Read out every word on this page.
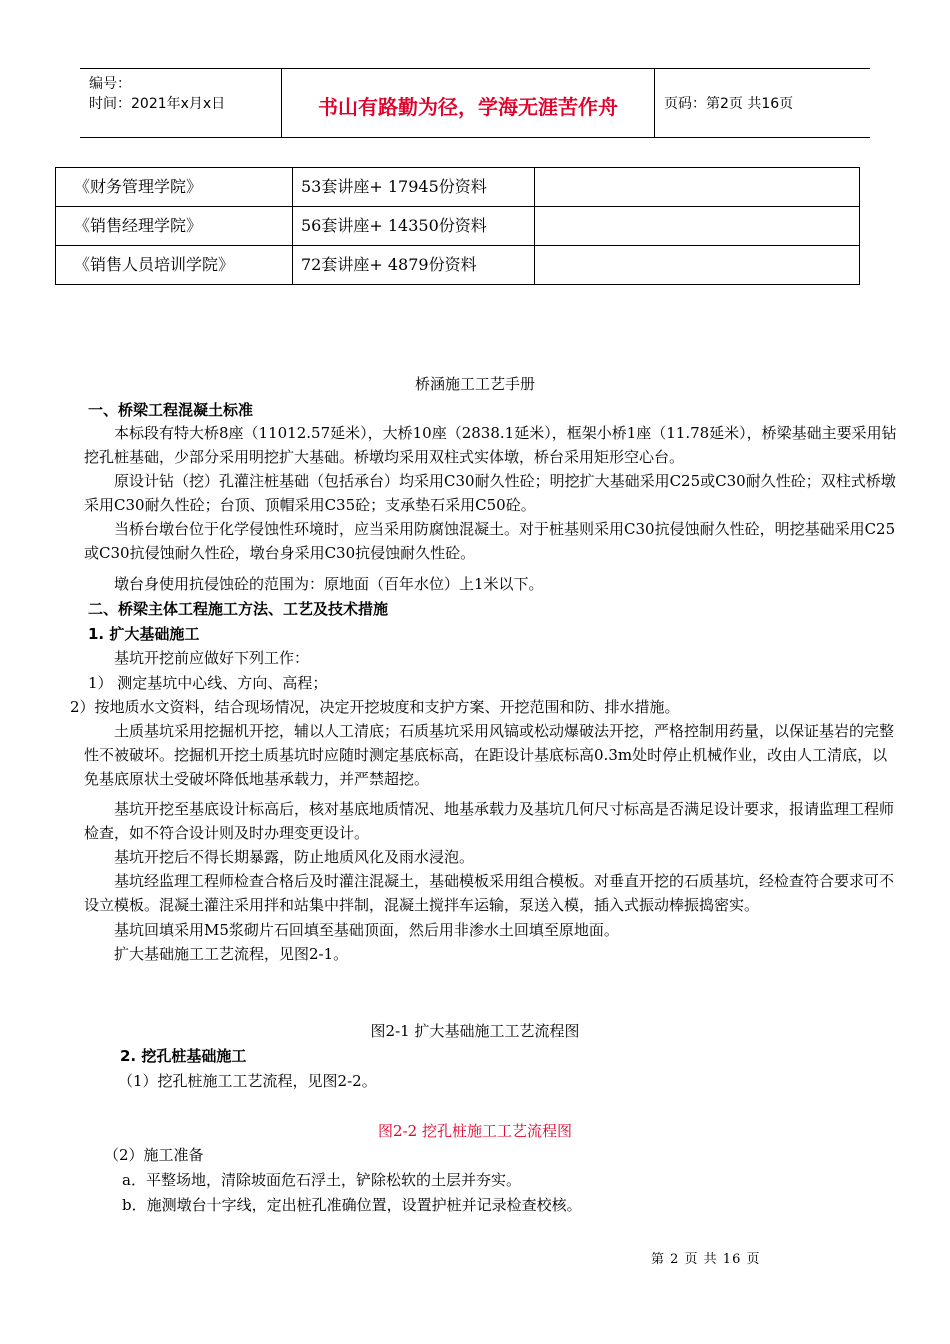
编号：
时间：2021年x月x日	书山有路勤为径，学海无涯苦作舟	页码：第2页 共16页
《财务管理学院》	53套讲座+ 17945份资料	
《销售经理学院》	56套讲座+ 14350份资料	
《销售人员培训学院》	72套讲座+ 4879份资料	
桥涵施工工艺手册
一、桥梁工程混凝土标准

本标段有特大桥8座（11012.57延米），大桥10座（2838.1延米），框架小桥1座（11.78延米），桥梁基础主要采用钻挖孔桩基础，少部分采用明挖扩大基础。桥墩均采用双柱式实体墩，桥台采用矩形空心台。

原设计钻（挖）孔灌注桩基础（包括承台）均采用C30耐久性砼；明挖扩大基础采用C25或C30耐久性砼；双柱式桥墩采用C30耐久性砼；台顶、顶帽采用C35砼；支承垫石采用C50砼。

当桥台墩台位于化学侵蚀性环境时，应当采用防腐蚀混凝土。对于桩基则采用C30抗侵蚀耐久性砼，明挖基础采用C25或C30抗侵蚀耐久性砼，墩台身采用C30抗侵蚀耐久性砼。

墩台身使用抗侵蚀砼的范围为：原地面（百年水位）上1米以下。

二、桥梁主体工程施工方法、工艺及技术措施
1. 扩大基础施工

基坑开挖前应做好下列工作：

1） 测定基坑中心线、方向、高程；
2）按地质水文资料，结合现场情况，决定开挖坡度和支护方案、开挖范围和防、排水措施。

土质基坑采用挖掘机开挖，辅以人工清底；石质基坑采用风镐或松动爆破法开挖，严格控制用药量，以保证基岩的完整性不被破坏。挖掘机开挖土质基坑时应随时测定基底标高，在距设计基底标高0.3m处时停止机械作业，改由人工清底，以免基底原状土受破坏降低地基承载力，并严禁超挖。

基坑开挖至基底设计标高后，核对基底地质情况、地基承载力及基坑几何尺寸标高是否满足设计要求，报请监理工程师检查，如不符合设计则及时办理变更设计。

基坑开挖后不得长期暴露，防止地质风化及雨水浸泡。

基坑经监理工程师检查合格后及时灌注混凝土，基础模板采用组合模板。对垂直开挖的石质基坑，经检查符合要求可不设立模板。混凝土灌注采用拌和站集中拌制，混凝土搅拌车运输，泵送入模，插入式振动棒振捣密实。

基坑回填采用M5浆砌片石回填至基础顶面，然后用非渗水土回填至原地面。

扩大基础施工工艺流程，见图2-1。

图2-1 扩大基础施工工艺流程图
2. 挖孔桩基础施工
（1）挖孔桩施工工艺流程，见图2-2。
图2-2 挖孔桩施工工艺流程图
（2）施工准备
a．平整场地，清除坡面危石浮土，铲除松软的土层并夯实。
b．施测墩台十字线，定出桩孔准确位置，设置护桩并记录检查校核。
第 2 页 共 16 页
